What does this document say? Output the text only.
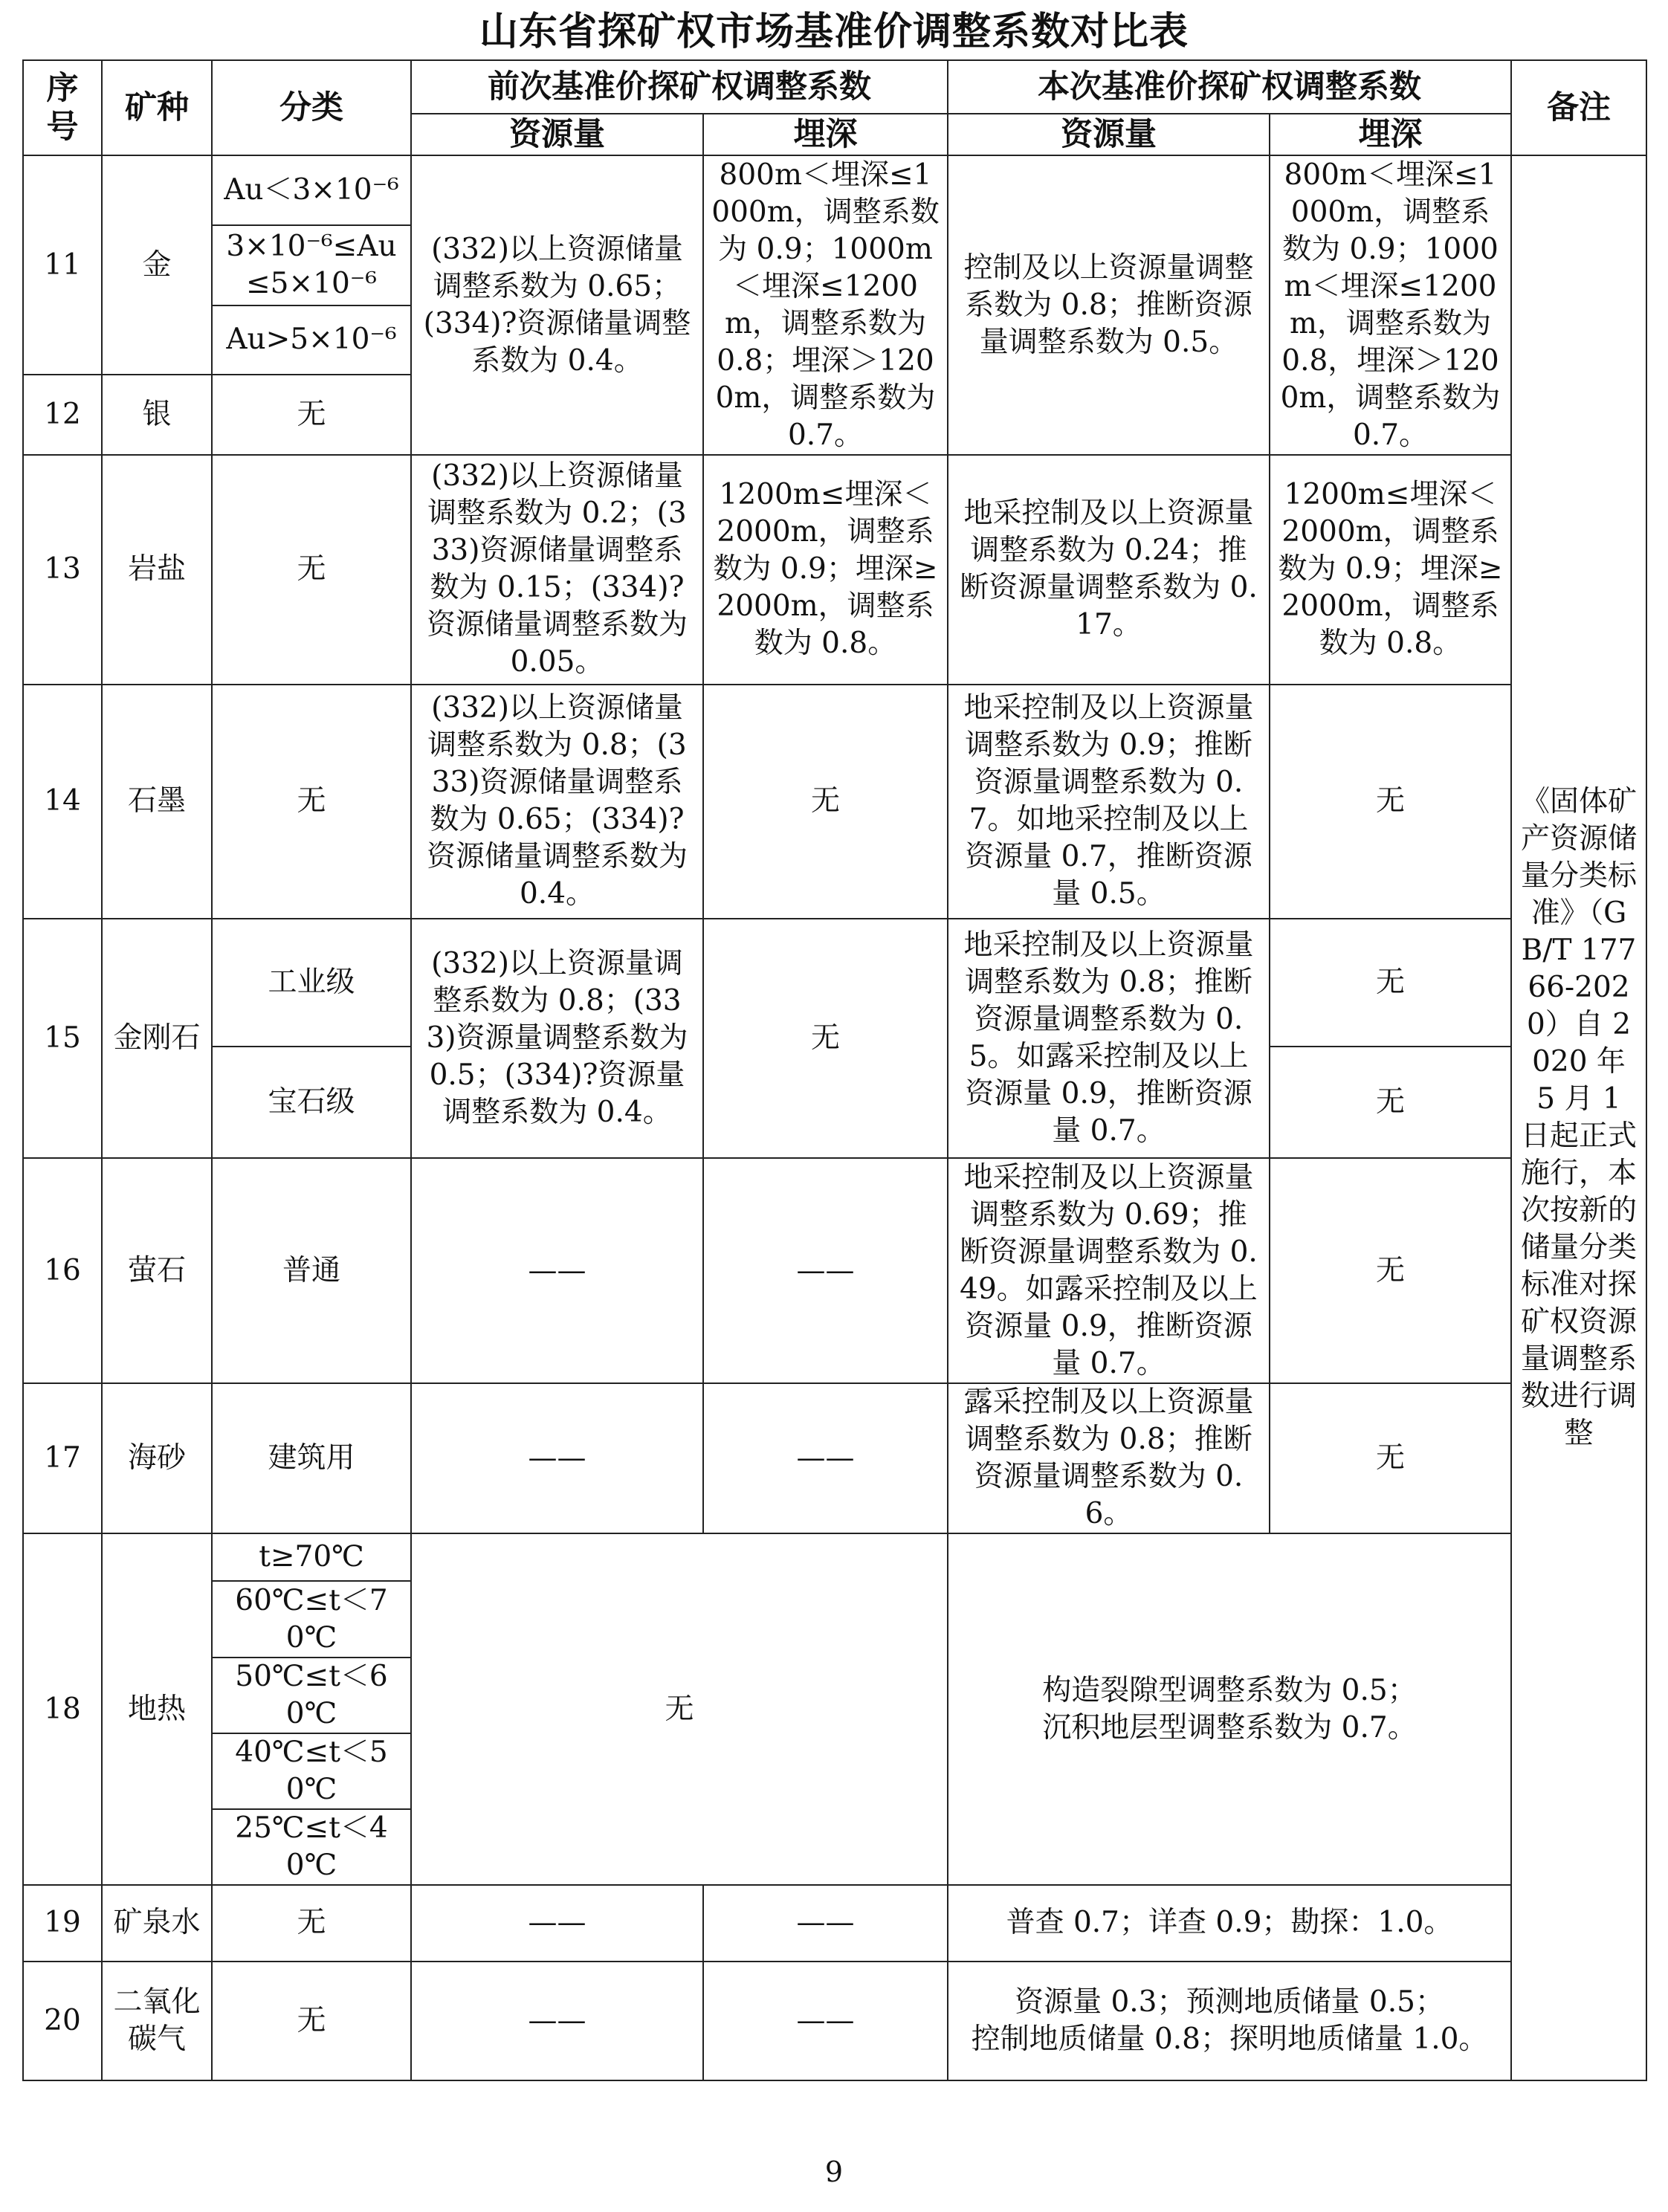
山东省探矿权市场基准价调整系数对比表
序号	矿种	分类	前次基准价探矿权调整系数		本次基准价探矿权调整系数		备注
			资源量	埋深	资源量	埋深	
11	金	Au＜3×10⁻⁶	(332)以上资源储量调整系数为 0.65；(334)?资源储量调整系数为 0.4。	800m＜埋深≤1000m，调整系数为 0.9；1000m＜埋深≤1200m，调整系数为 0.8；埋深＞1200m，调整系数为 0.7。	控制及以上资源量调整系数为 0.8；推断资源量调整系数为 0.5。	800m＜埋深≤1000m，调整系数为 0.9；1000m＜埋深≤1200m，调整系数为 0.8，埋深＞1200m，调整系数为 0.7。	《固体矿产资源储量分类标准》（GB/T 17766-2020）自 2020 年 5 月 1 日起正式施行，本次按新的储量分类标准对探矿权资源量调整系数进行调整
		3×10⁻⁶≤Au≤5×10⁻⁶					
		Au>5×10⁻⁶					
12	银	无					
13	岩盐	无	(332)以上资源储量调整系数为 0.2；(333)资源储量调整系数为 0.15；(334)?资源储量调整系数为 0.05。	1200m≤埋深＜2000m，调整系数为 0.9；埋深≥2000m，调整系数为 0.8。	地采控制及以上资源量调整系数为 0.24；推断资源量调整系数为 0.17。	1200m≤埋深＜2000m，调整系数为 0.9；埋深≥2000m，调整系数为 0.8。	
14	石墨	无	(332)以上资源储量调整系数为 0.8；(333)资源储量调整系数为 0.65；(334)?资源储量调整系数为 0.4。	无	地采控制及以上资源量调整系数为 0.9；推断资源量调整系数为 0.7。如地采控制及以上资源量 0.7，推断资源量 0.5。	无	
15	金刚石	工业级	(332)以上资源量调整系数为 0.8；(333)资源量调整系数为 0.5；(334)?资源量调整系数为 0.4。	无	地采控制及以上资源量调整系数为 0.8；推断资源量调整系数为 0.5。如露采控制及以上资源量 0.9，推断资源量 0.7。	无	
		宝石级				无	
16	萤石	普通	——	——	地采控制及以上资源量调整系数为 0.69；推断资源量调整系数为 0.49。如露采控制及以上资源量 0.9，推断资源量 0.7。	无	
17	海砂	建筑用	——	——	露采控制及以上资源量调整系数为 0.8；推断资源量调整系数为 0.6。	无	
18	地热	t≥70℃	无		构造裂隙型调整系数为 0.5；
沉积地层型调整系数为 0.7。		

		60℃≤t＜70℃					
		50℃≤t＜60℃					
		40℃≤t＜50℃					
		25℃≤t＜40℃					
19	矿泉水	无	——	——	普查 0.7；详查 0.9；勘探：1.0。		
20	二氧化碳气	无	——	——	资源量 0.3；预测地质储量 0.5；
控制地质储量 0.8；探明地质储量 1.0。		
9
